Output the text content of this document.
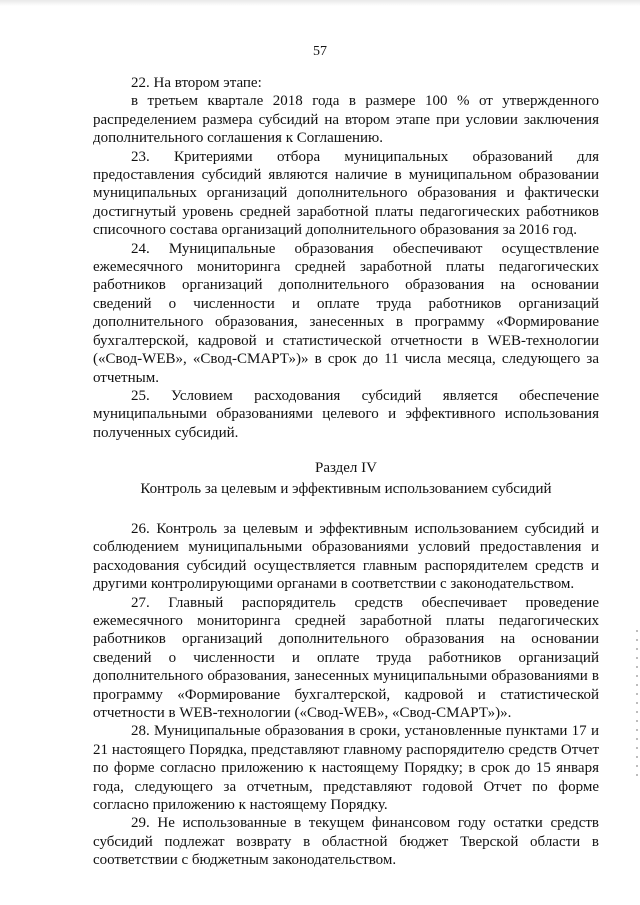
57

22. На втором этапе:

в третьем квартале 2018 года в размере 100 % от утвержденного распределением размера субсидий на втором этапе при условии заключения дополнительного соглашения к Соглашению.

23. Критериями отбора муниципальных образований для предоставления субсидий являются наличие в муниципальном образовании муниципальных организаций дополнительного образования и фактически достигнутый уровень средней заработной платы педагогических работников списочного состава организаций дополнительного образования за 2016 год.

24. Муниципальные образования обеспечивают осуществление ежемесячного мониторинга средней заработной платы педагогических работников организаций дополнительного образования на основании сведений о численности и оплате труда работников организаций дополнительного образования, занесенных в программу «Формирование бухгалтерской, кадровой и статистической отчетности в WEB-технологии («Свод-WEB», «Свод-СМАРТ»)» в срок до 11 числа месяца, следующего за отчетным.

25. Условием расходования субсидий является обеспечение муниципальными образованиями целевого и эффективного использования полученных субсидий.

Раздел IV

Контроль за целевым и эффективным использованием субсидий

26. Контроль за целевым и эффективным использованием субсидий и соблюдением муниципальными образованиями условий предоставления и расходования субсидий осуществляется главным распорядителем средств и другими контролирующими органами в соответствии с законодательством.

27. Главный распорядитель средств обеспечивает проведение ежемесячного мониторинга средней заработной платы педагогических работников организаций дополнительного образования на основании сведений о численности и оплате труда работников организаций дополнительного образования, занесенных муниципальными образованиями в программу «Формирование бухгалтерской, кадровой и статистической отчетности в WEB-технологии («Свод-WEB», «Свод-СМАРТ»)».

28. Муниципальные образования в сроки, установленные пунктами 17 и 21 настоящего Порядка, представляют главному распорядителю средств Отчет по форме согласно приложению к настоящему Порядку; в срок до 15 января года, следующего за отчетным, представляют годовой Отчет по форме согласно приложению к настоящему Порядку.

29. Не использованные в текущем финансовом году остатки средств субсидий подлежат возврату в областной бюджет Тверской области в соответствии с бюджетным законодательством.
